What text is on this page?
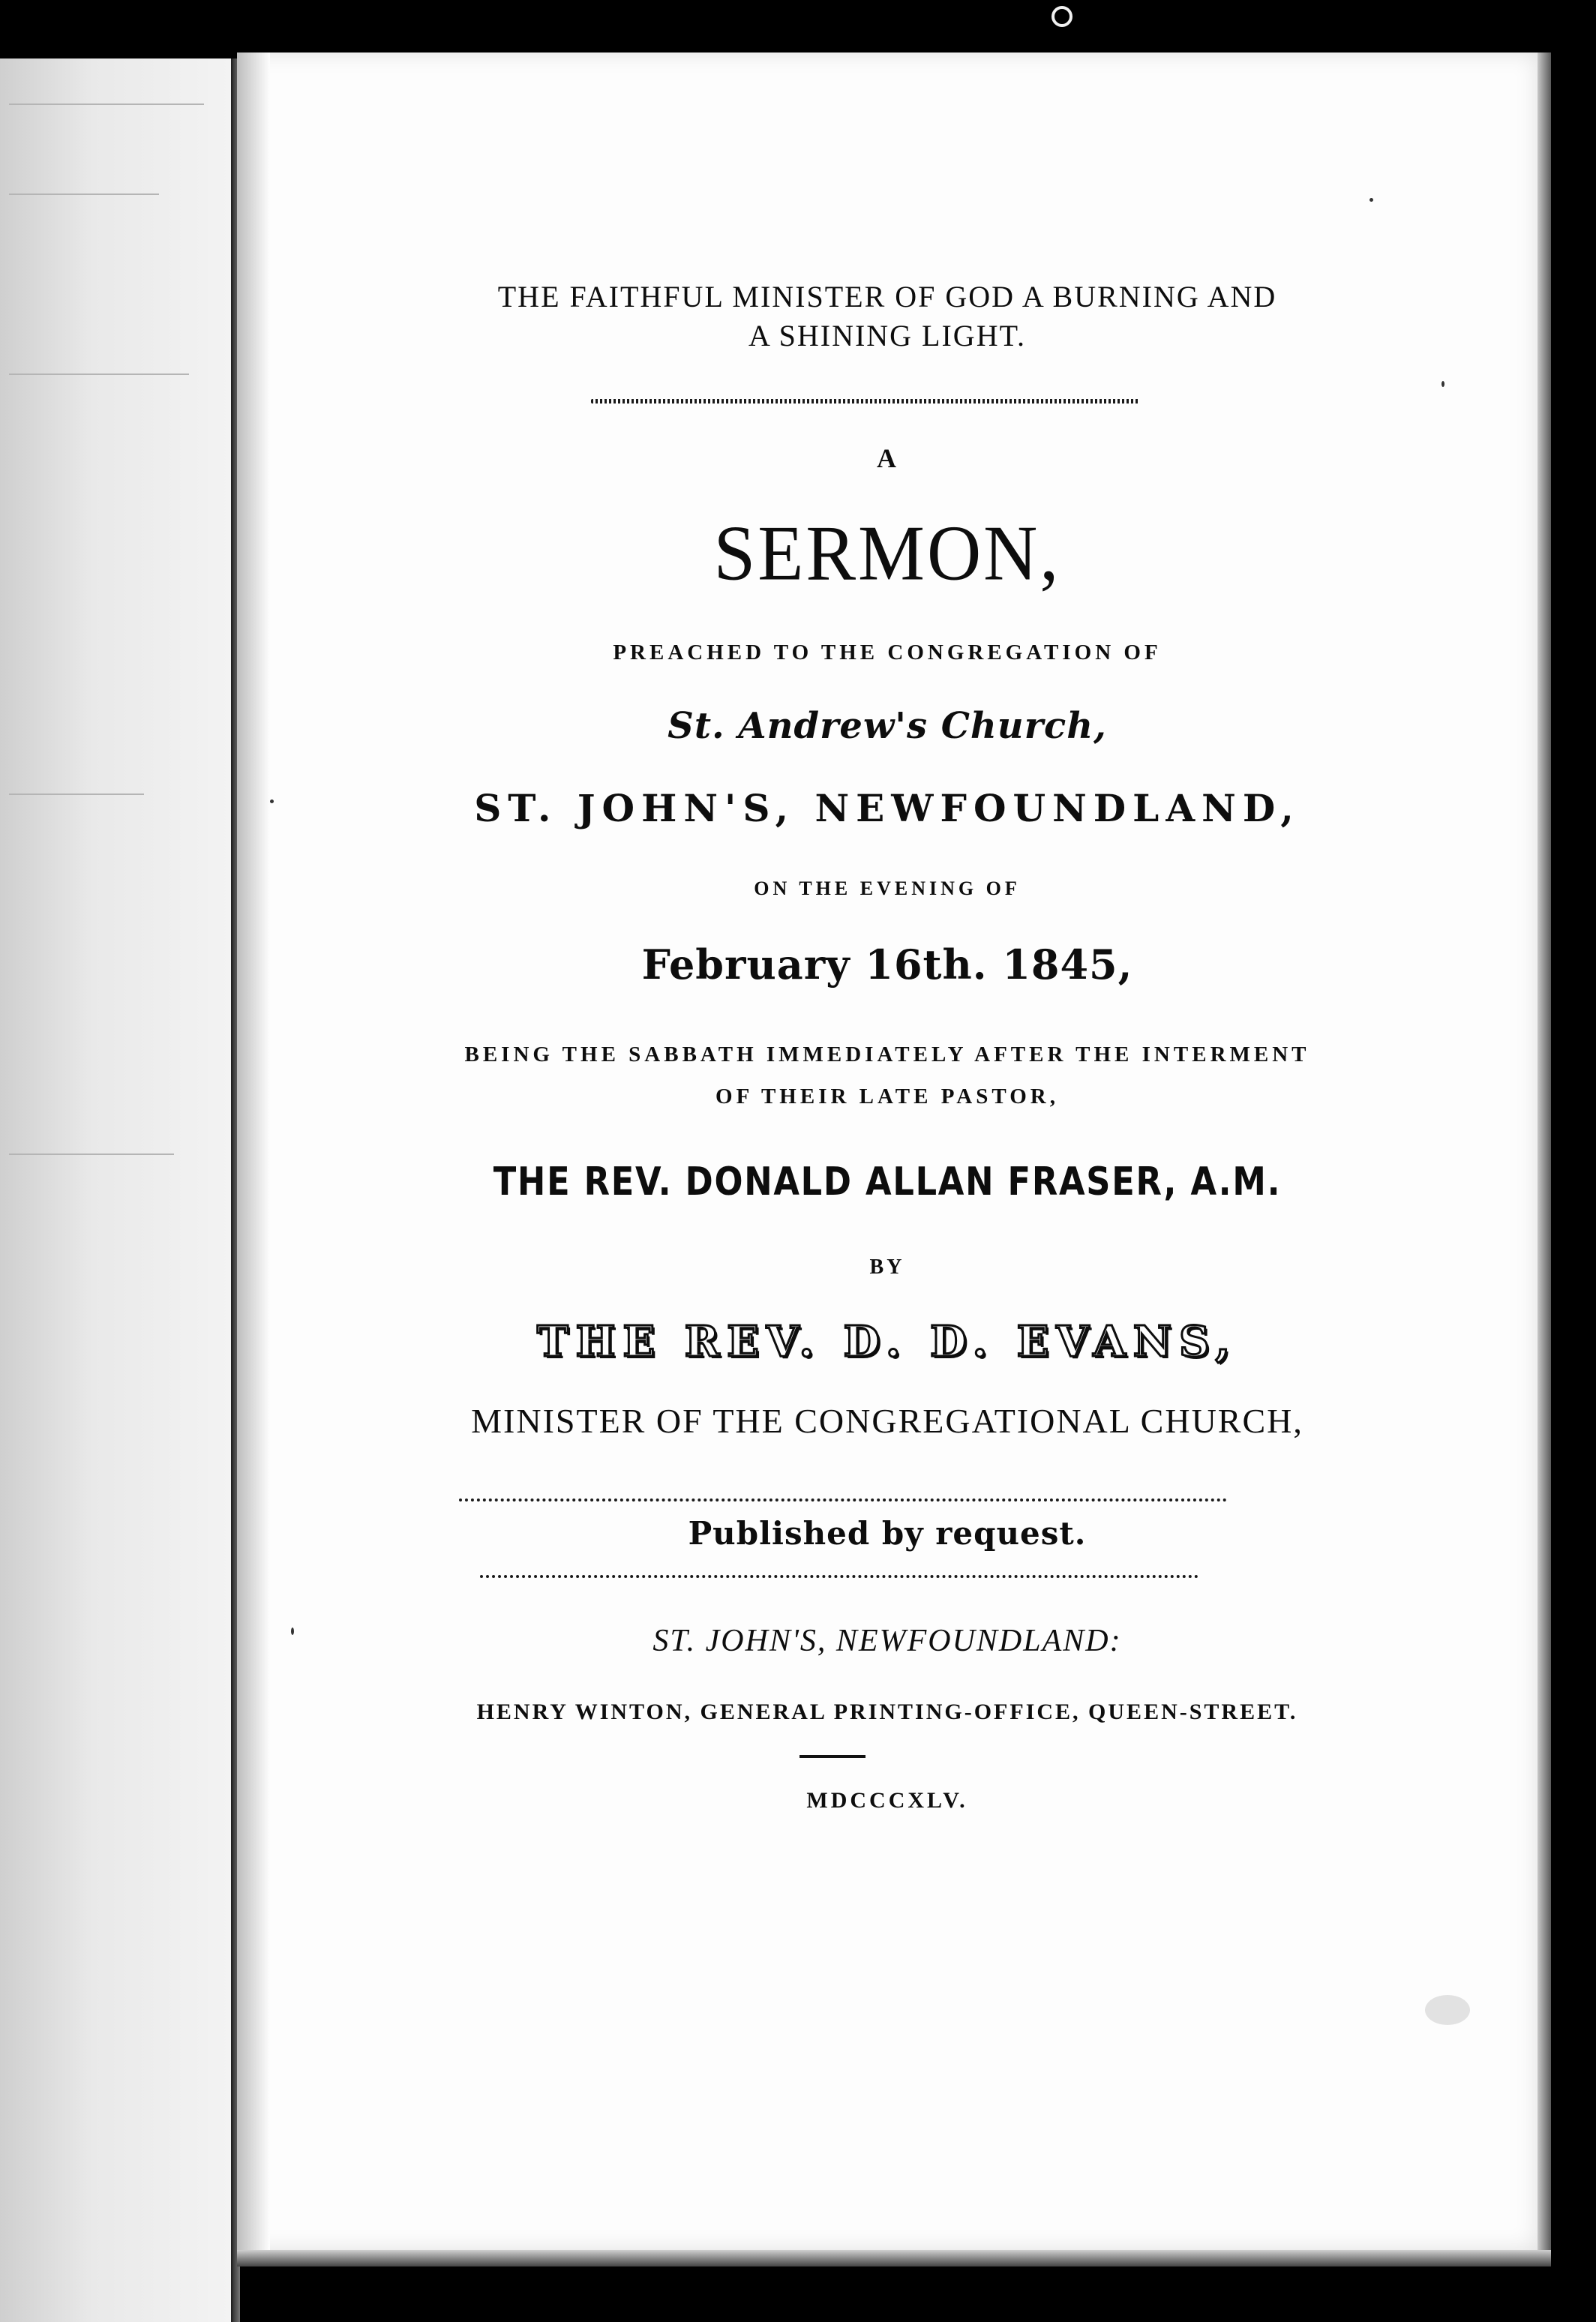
THE FAITHFUL MINISTER OF GOD A BURNING AND

A SHINING LIGHT.

A

SERMON,

PREACHED TO THE CONGREGATION OF

St. Andrew's Church,

ST. JOHN'S, NEWFOUNDLAND,

ON THE EVENING OF

February 16th. 1845,

BEING THE SABBATH IMMEDIATELY AFTER THE INTERMENT

OF THEIR LATE PASTOR,

THE REV. DONALD ALLAN FRASER, A.M.

BY

THE REV. D. D. EVANS,

MINISTER OF THE CONGREGATIONAL CHURCH,

Published by request.

ST. JOHN'S, NEWFOUNDLAND:

HENRY WINTON, GENERAL PRINTING-OFFICE, QUEEN-STREET.

MDCCCXLV.
